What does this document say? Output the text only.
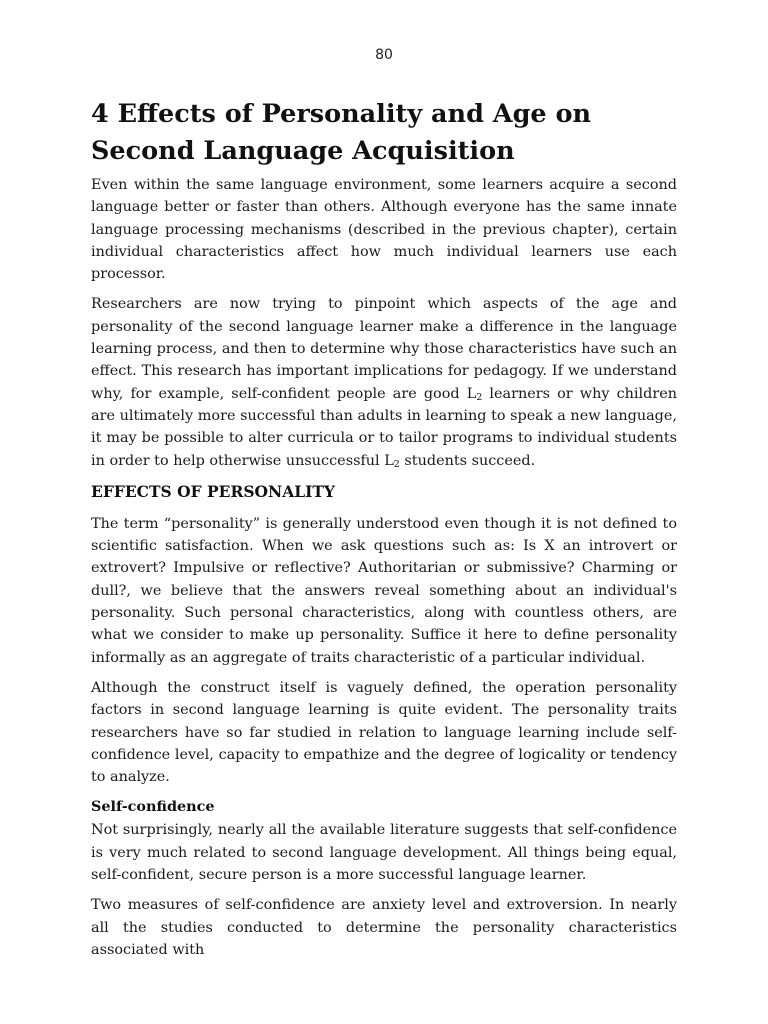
80
4 Effects of Personality and Age on Second Language Acquisition

Even within the same language environment, some learners acquire a second language better or faster than others. Although everyone has the same innate language processing mechanisms (described in the previous chapter), certain individual characteristics affect how much individual learners use each processor.

Researchers are now trying to pinpoint which aspects of the age and personality of the second language learner make a difference in the language learning process, and then to determine why those characteristics have such an effect. This research has important implications for pedagogy. If we understand why, for example, self-confident people are good $L_2$ learners or why children are ultimately more successful than adults in learning to speak a new language, it may be possible to alter curricula or to tailor programs to individual students in order to help otherwise unsuccessful $L_2$ students succeed.

EFFECTS OF PERSONALITY

The term “personality” is generally understood even though it is not defined to scientific satisfaction. When we ask questions such as: Is X an introvert or extrovert? Impulsive or reflective? Authoritarian or submissive? Charming or dull?, we believe that the answers reveal something about an individual's personality. Such personal characteristics, along with countless others, are what we consider to make up personality. Suffice it here to define personality informally as an aggregate of traits characteristic of a particular individual.

Although the construct itself is vaguely defined, the operation personality factors in second language learning is quite evident. The personality traits researchers have so far studied in relation to language learning include self-confidence level, capacity to empathize and the degree of logicality or tendency to analyze.

Self-confidence

Not surprisingly, nearly all the available literature suggests that self-confidence is very much related to second language development. All things being equal, self-confident, secure person is a more successful language learner.

Two measures of self-confidence are anxiety level and extroversion. In nearly all the studies conducted to determine the personality characteristics associated with
